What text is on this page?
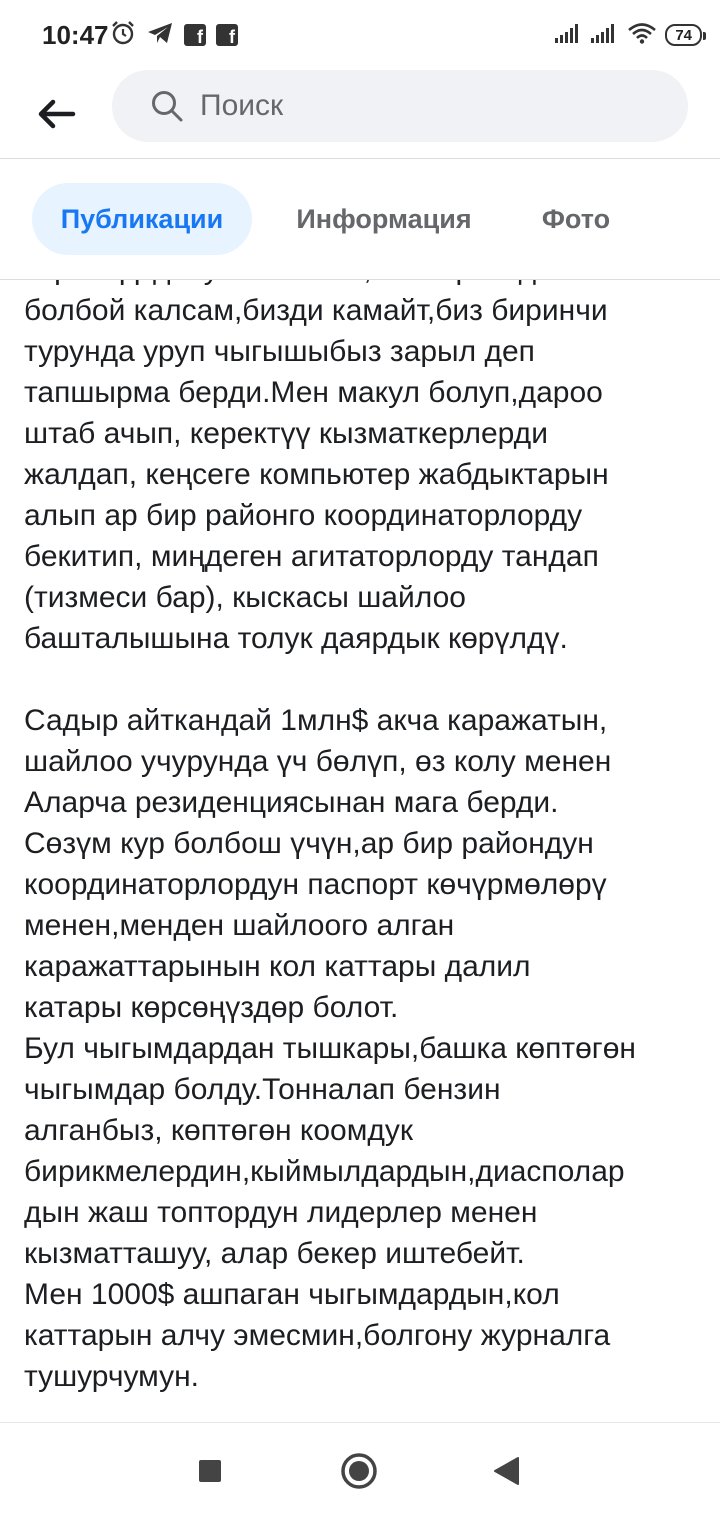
10:47	f	f	74
Поиск
Публикации	Информация	Фото

болбой калсам,бизди камайт,биз биринчи
турунда уруп чыгышыбыз зарыл деп
тапшырма берди.Мен макул болуп,дароо
штаб ачып, керектүү кызматкерлерди
жалдап, кеңсеге компьютер жабдыктарын
алып ар бир районго координаторлорду
бекитип, миңдеген агитаторлорду тандап
(тизмеси бар), кыскасы шайлоо
башталышына толук даярдык көрүлдү.

Садыр айткандай 1млн$ акча каражатын,
шайлоо учурунда үч бөлүп, өз колу менен
Аларча резиденциясынан мага берди.
Сөзүм кур болбош үчүн,ар бир райондун
координаторлордун паспорт көчүрмөлөрү
менен,менден шайлоого алган
каражаттарынын кол каттары далил
катары көрсөңүздөр болот.
Бул чыгымдардан тышкары,башка көптөгөн
чыгымдар болду.Тонналап бензин
алганбыз, көптөгөн коомдук
бирикмелердин,кыймылдардын,диасполар
дын жаш топтордун лидерлер менен
кызматташуу, алар бекер иштебейт.
Мен 1000$ ашпаган чыгымдардын,кол
каттарын алчу эмесмин,болгону журналга
тушурчумун.
